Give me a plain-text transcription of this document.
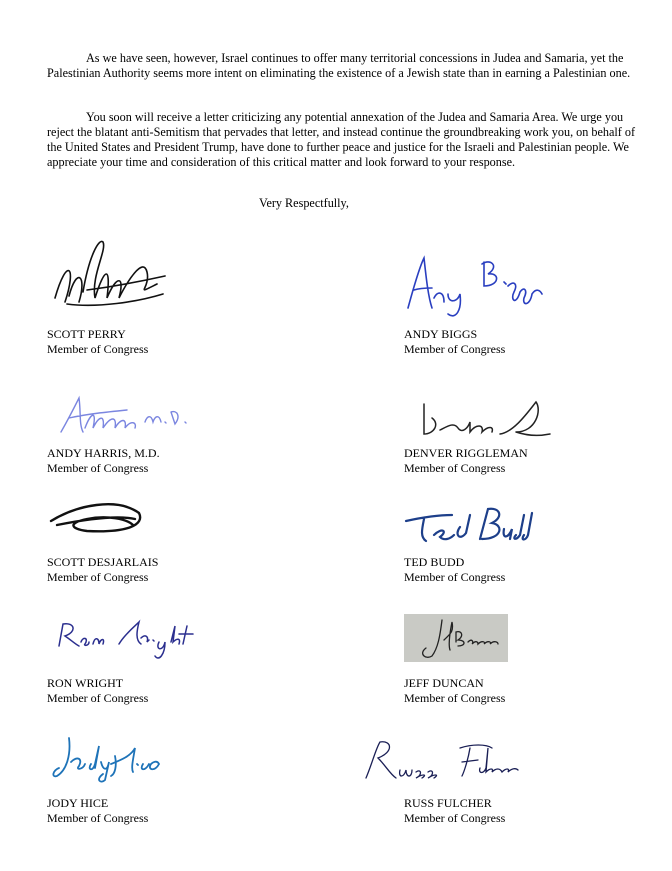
As we have seen, however, Israel continues to offer many territorial concessions in Judea and Samaria, yet the Palestinian Authority seems more intent on eliminating the existence of a Jewish state than in earning a Palestinian one.

You soon will receive a letter criticizing any potential annexation of the Judea and Samaria Area. We urge you reject the blatant anti-Semitism that pervades that letter, and instead continue the groundbreaking work you, on behalf of the United States and President Trump, have done to further peace and justice for the Israeli and Palestinian people. We appreciate your time and consideration of this critical matter and look forward to your response.

Very Respectfully,

SCOTT PERRY

Member of Congress

ANDY BIGGS

Member of Congress

ANDY HARRIS, M.D.

Member of Congress

DENVER RIGGLEMAN

Member of Congress

SCOTT DESJARLAIS

Member of Congress

TED BUDD

Member of Congress

RON WRIGHT

Member of Congress

JEFF DUNCAN

Member of Congress

JODY HICE

Member of Congress

RUSS FULCHER

Member of Congress
